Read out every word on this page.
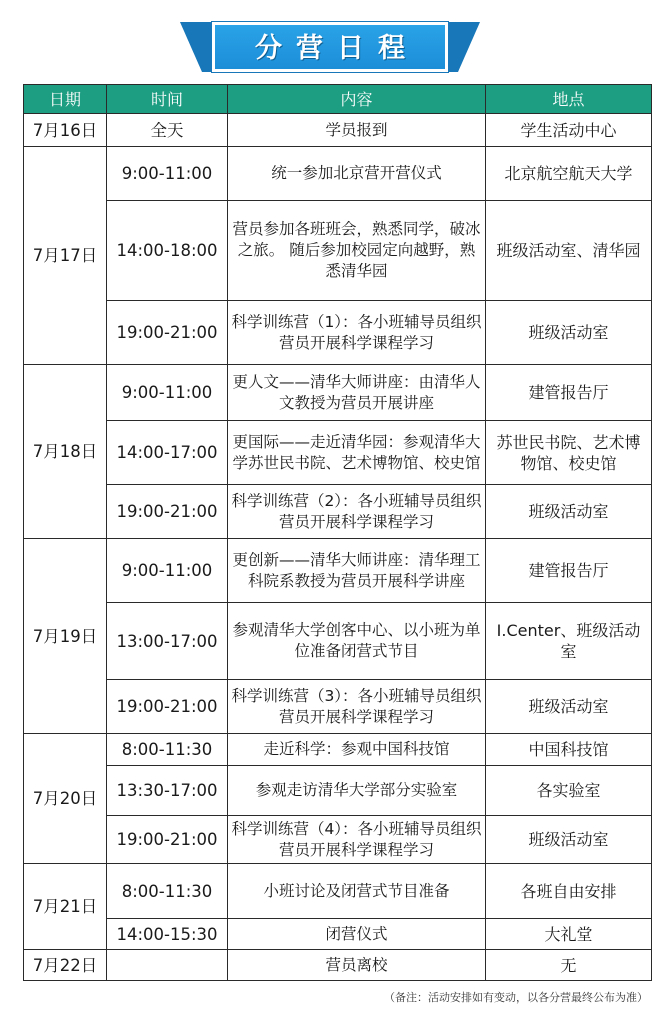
分营日程
日期	时间	内容	地点
7月16日	全天	学员报到	学生活动中心
7月17日	9:00-11:00	统一参加北京营开营仪式	北京航空航天大学
	14:00-18:00	营员参加各班班会，熟悉同学，破冰之旅。 随后参加校园定向越野，熟悉清华园	班级活动室、清华园
	19:00-21:00	科学训练营（1）：各小班辅导员组织营员开展科学课程学习	班级活动室
7月18日	9:00-11:00	更人文——清华大师讲座：由清华人文教授为营员开展讲座	建管报告厅
	14:00-17:00	更国际——走近清华园：参观清华大学苏世民书院、艺术博物馆、校史馆	苏世民书院、艺术博物馆、校史馆
	19:00-21:00	科学训练营（2）：各小班辅导员组织营员开展科学课程学习	班级活动室
7月19日	9:00-11:00	更创新——清华大师讲座：清华理工科院系教授为营员开展科学讲座	建管报告厅
	13:00-17:00	参观清华大学创客中心、以小班为单位准备闭营式节目	I.Center、班级活动室
	19:00-21:00	科学训练营（3）：各小班辅导员组织营员开展科学课程学习	班级活动室
7月20日	8:00-11:30	走近科学：参观中国科技馆	中国科技馆
	13:30-17:00	参观走访清华大学部分实验室	各实验室
	19:00-21:00	科学训练营（4）：各小班辅导员组织营员开展科学课程学习	班级活动室
7月21日	8:00-11:30	小班讨论及闭营式节目准备	各班自由安排
	14:00-15:30	闭营仪式	大礼堂
7月22日		营员离校	无
（备注：活动安排如有变动，以各分营最终公布为准）
